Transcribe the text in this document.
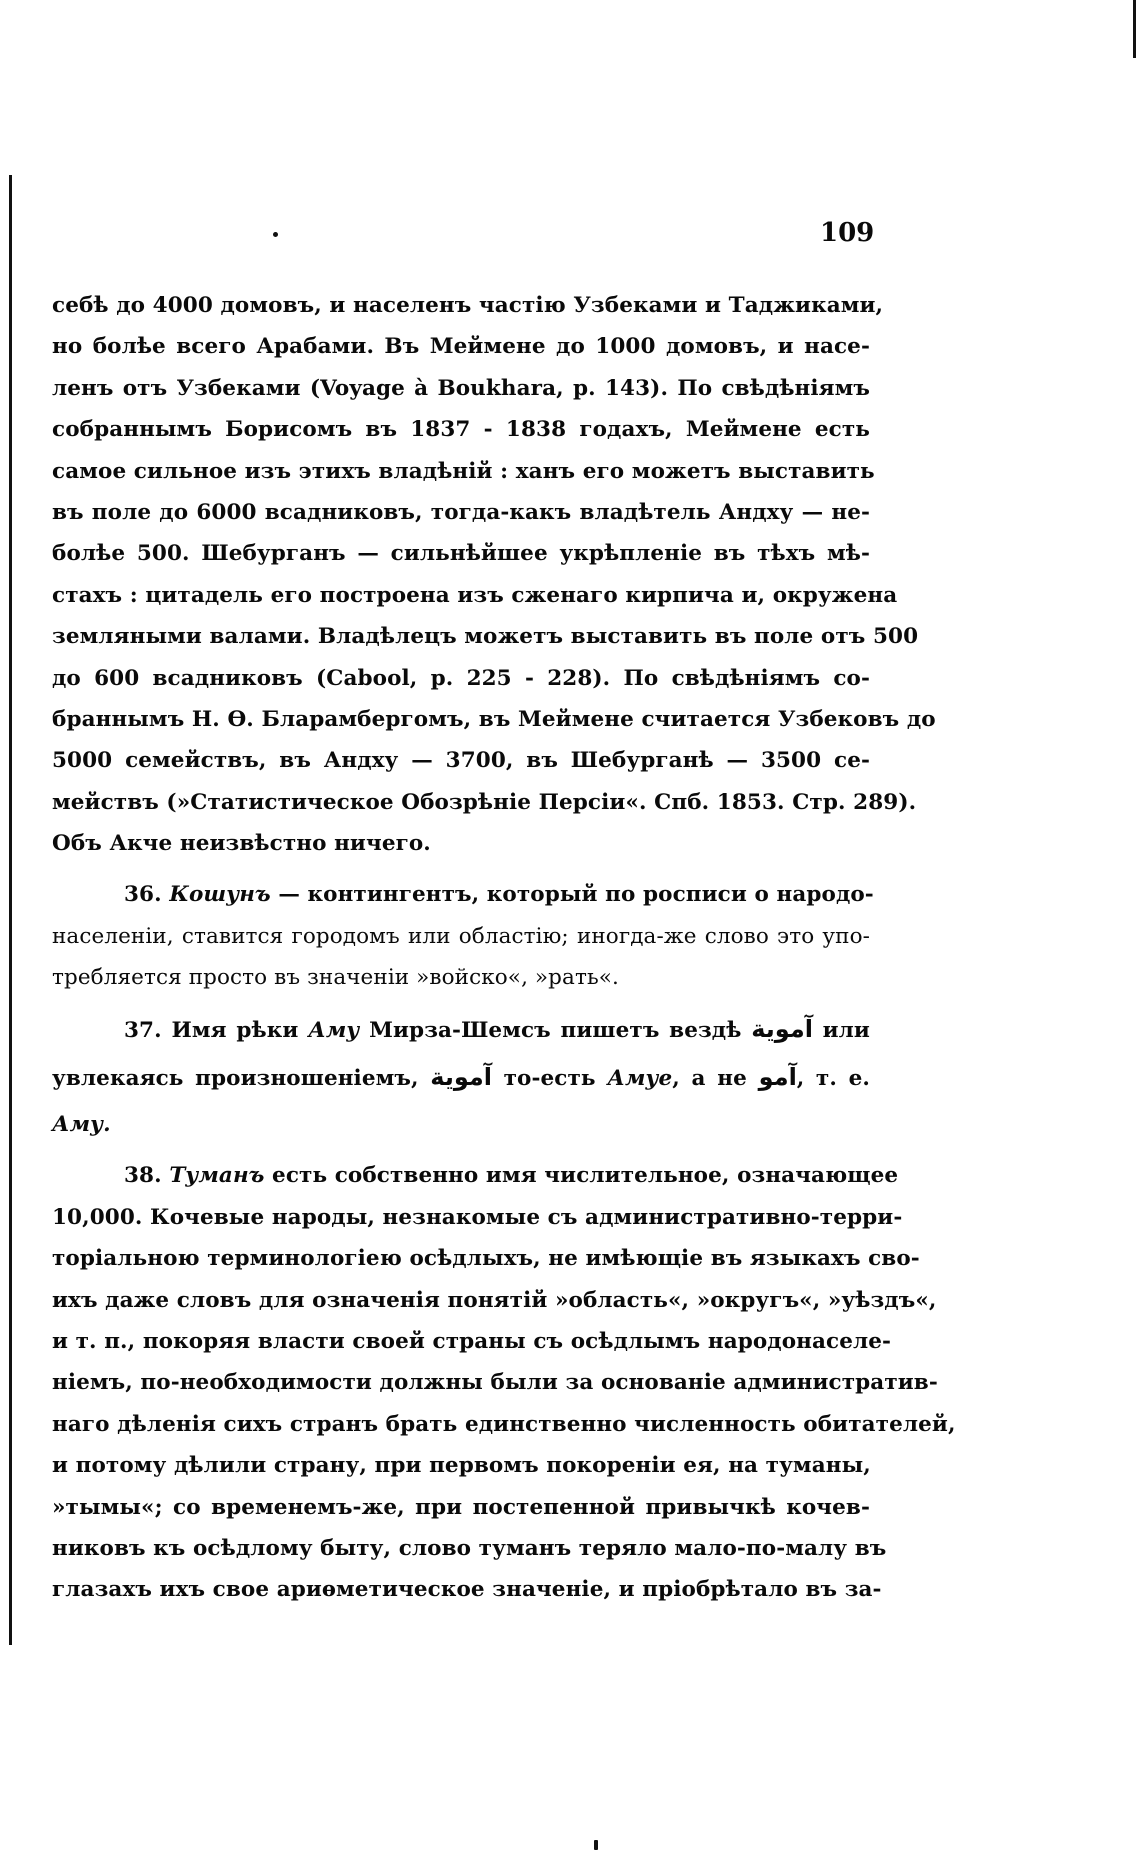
109
себѣ до 4000 домовъ, и населенъ частію Узбеками и Таджиками,
но болѣе всего Арабами. Въ Меймене до 1000 домовъ, и насе-
ленъ отъ Узбеками (Voyage à Boukhara, p. 143). По свѣдѣніямъ
собраннымъ Борисомъ въ 1837 - 1838 годахъ, Меймене есть
самое сильное изъ этихъ владѣній : ханъ его можетъ выставить
въ поле до 6000 всадниковъ, тогда-какъ владѣтель Андху — не-
болѣе 500. Шебурганъ — сильнѣйшее укрѣпленіе въ тѣхъ мѣ-
стахъ : цитадель его построена изъ сженаго кирпича и, окружена
земляными валами. Владѣлецъ можетъ выставить въ поле отъ 500
до 600 всадниковъ (Cabool, p. 225 - 228). По свѣдѣніямъ со-
браннымъ Н. Ѳ. Бларамбергомъ, въ Меймене считается Узбековъ до
5000 семействъ, въ Андху — 3700, въ Шебурганѣ — 3500 се-
мействъ (»Статистическое Обозрѣніе Персіи«. Спб. 1853. Стр. 289).
Объ Акче неизвѣстно ничего.
36. Кошунъ — контингентъ, который по росписи о народо-
населеніи, ставится городомъ или областію; иногда-же слово это упо-
требляется просто въ значеніи »войско«, »рать«.
37. Имя рѣки Аму Мирза-Шемсъ пишетъ вездѣ آموية или
увлекаясь произношеніемъ, آموية то-есть Амуе, а не آمو, т. е.
Аму.
38. Туманъ есть собственно имя числительное, означающее
10,000. Кочевые народы, незнакомые съ административно-терри-
торіальною терминологіею осѣдлыхъ, не имѣющіе въ языкахъ сво-
ихъ даже словъ для означенія понятій »область«, »округъ«, »уѣздъ«,
и т. п., покоряя власти своей страны съ осѣдлымъ народонаселе-
ніемъ, по-необходимости должны были за основаніе административ-
наго дѣленія сихъ странъ брать единственно численность обитателей,
и потому дѣлили страну, при первомъ покореніи ея, на туманы,
»тымы«; со временемъ-же, при постепенной привычкѣ кочев-
никовъ къ осѣдлому быту, слово туманъ теряло мало-по-малу въ
глазахъ ихъ свое ариѳметическое значеніе, и пріобрѣтало въ за-
